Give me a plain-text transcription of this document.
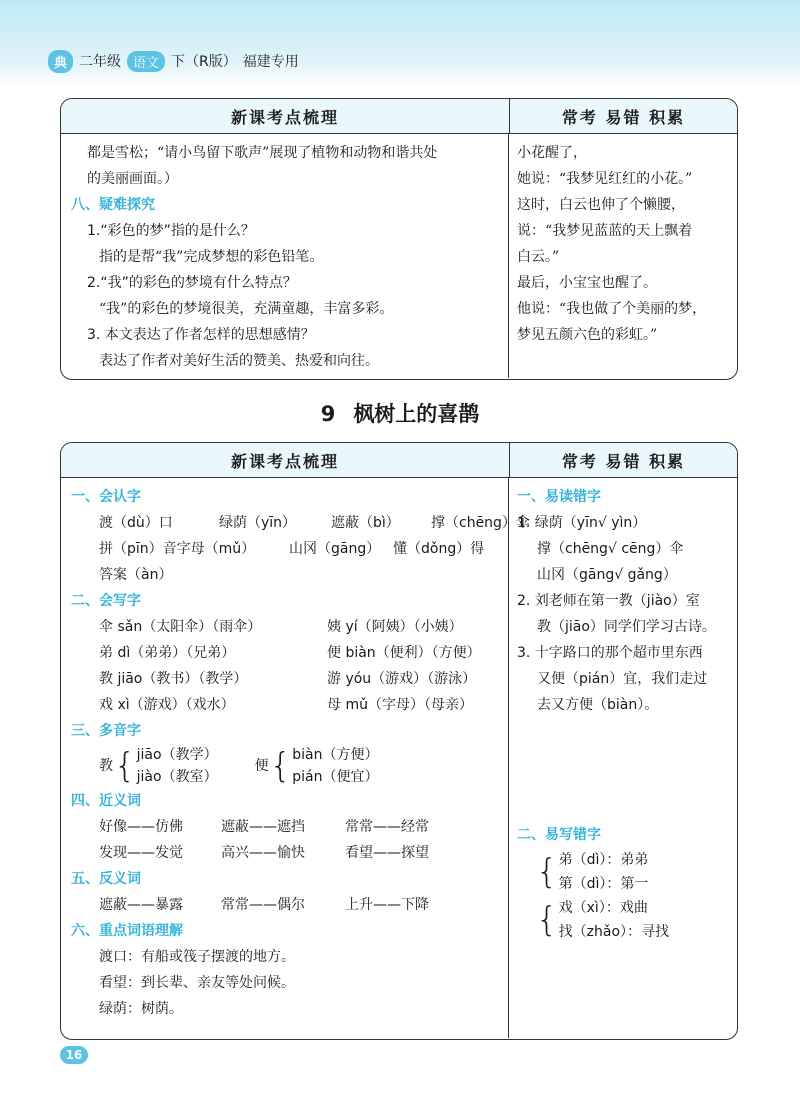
典 二年级 语文 下（R版） 福建专用
新课考点梳理	常考 易错 积累
都是雪松；“请小鸟留下歌声”展现了植物和动物和谐共处
的美丽画面。）
八、疑难探究
1.“彩色的梦”指的是什么？
指的是帮“我”完成梦想的彩色铅笔。
2.“我”的彩色的梦境有什么特点？
“我”的彩色的梦境很美，充满童趣，丰富多彩。
3. 本文表达了作者怎样的思想感情？
表达了作者对美好生活的赞美、热爱和向往。
小花醒了，
她说：“我梦见红红的小花。”
这时，白云也伸了个懒腰，
说：“我梦见蓝蓝的天上飘着
白云。”
最后，小宝宝也醒了。
他说：“我也做了个美丽的梦，
梦见五颜六色的彩虹。”
9 枫树上的喜鹊
新课考点梳理	常考 易错 积累
一、会认字
渡（dù）口	绿荫（yīn）	遮蔽（bì）	撑（chēng）伞
拼（pīn）音字母（mǔ）	山冈（gāng） 懂（dǒng）得
答案（àn）
二、会写字
伞 sǎn（太阳伞）（雨伞）	姨 yí（阿姨）（小姨）
弟 dì（弟弟）（兄弟）	便 biàn（便利）（方便）
教 jiāo（教书）（教学）	游 yóu（游戏）（游泳）
戏 xì（游戏）（戏水）	母 mǔ（字母）（母亲）
三、多音字
教 { jiāo（教学）
jiào（教室）
便 { biàn（方便）
pián（便宜）
四、近义词
好像——仿佛	遮蔽——遮挡	常常——经常
发现——发觉	高兴——愉快	看望——探望
五、反义词
遮蔽——暴露	常常——偶尔	上升——下降
六、重点词语理解
渡口：有船或筏子摆渡的地方。
看望：到长辈、亲友等处问候。
绿荫：树荫。
一、易读错字
1. 绿荫（yīn√ yìn）
撑（chēng√ cēng）伞
山冈（gāng√ gǎng）
2. 刘老师在第一教（jiào）室
教（jiāo）同学们学习古诗。
3. 十字路口的那个超市里东西
又便（pián）宜，我们走过
去又方便（biàn）。
二、易写错字
{ 弟（dì）：弟弟
第（dì）：第一
{ 戏（xì）：戏曲
找（zhǎo）：寻找
16
